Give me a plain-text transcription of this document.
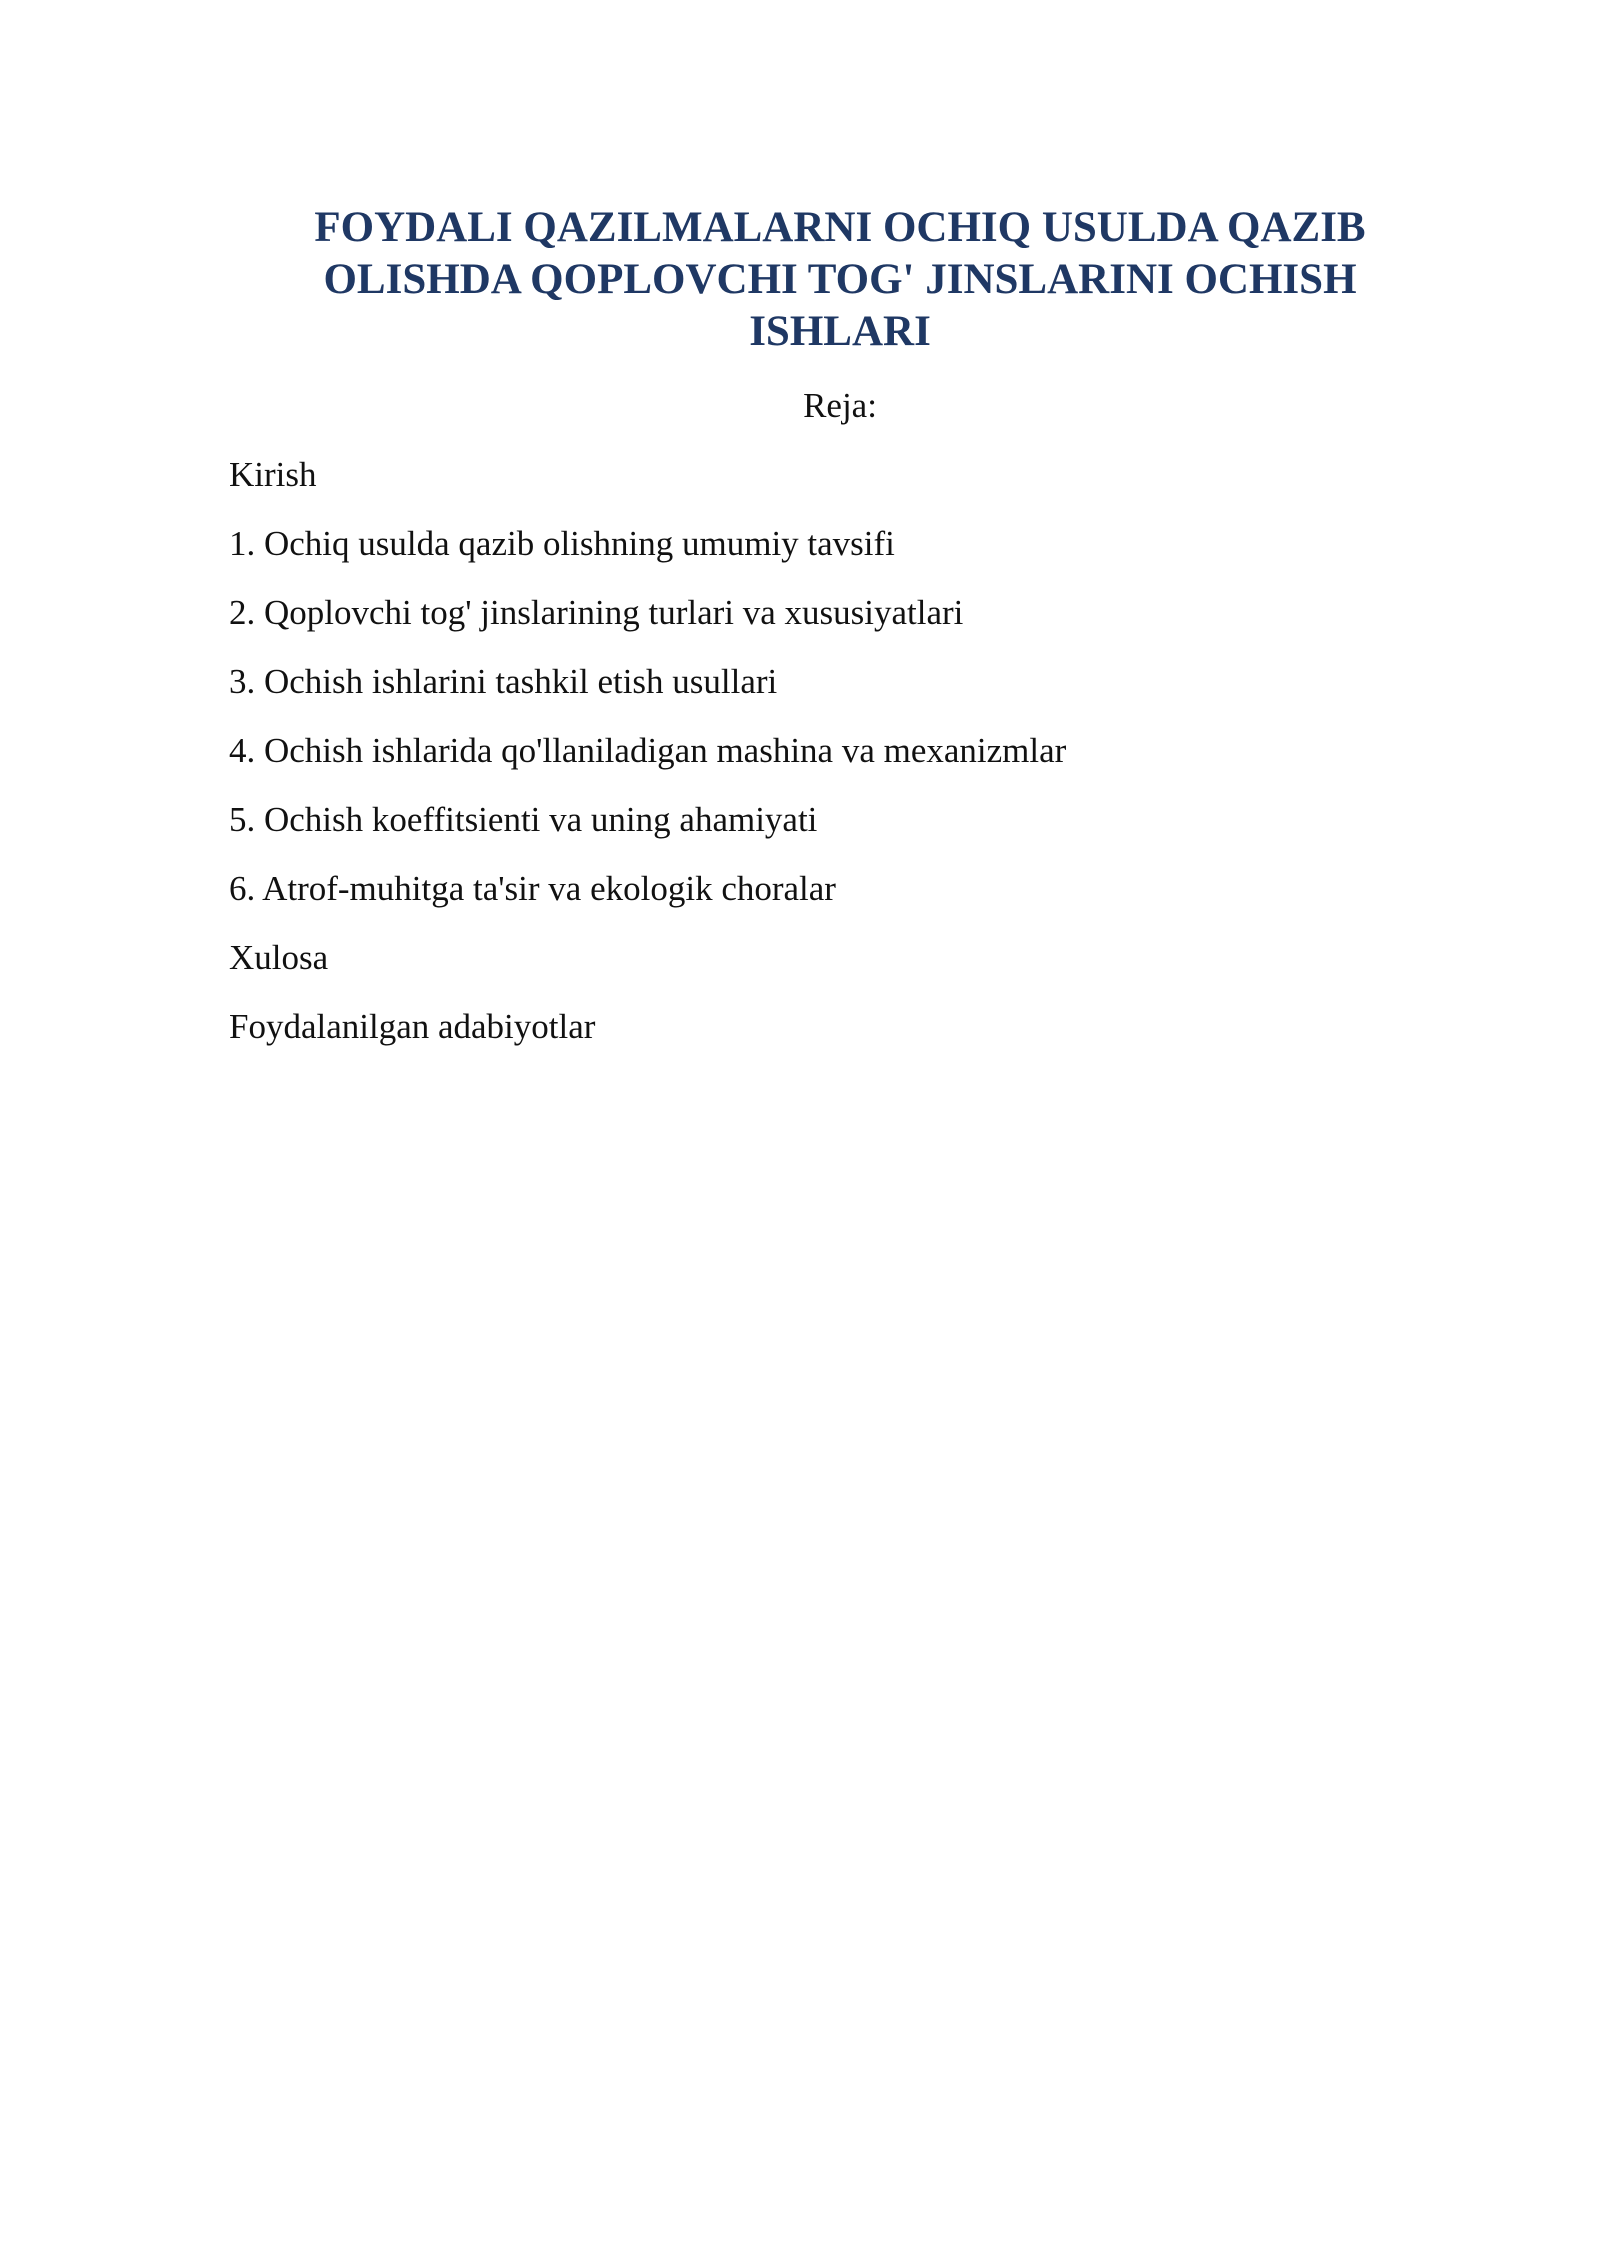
FOYDALI QAZILMALARNI OCHIQ USULDA QAZIB
OLISHDA QOPLOVCHI TOG' JINSLARINI OCHISH
ISHLARI

Reja:

Kirish
1. Ochiq usulda qazib olishning umumiy tavsifi
2. Qoplovchi tog' jinslarining turlari va xususiyatlari
3. Ochish ishlarini tashkil etish usullari
4. Ochish ishlarida qo'llaniladigan mashina va mexanizmlar
5. Ochish koeffitsienti va uning ahamiyati
6. Atrof-muhitga ta'sir va ekologik choralar
Xulosa
Foydalanilgan adabiyotlar
